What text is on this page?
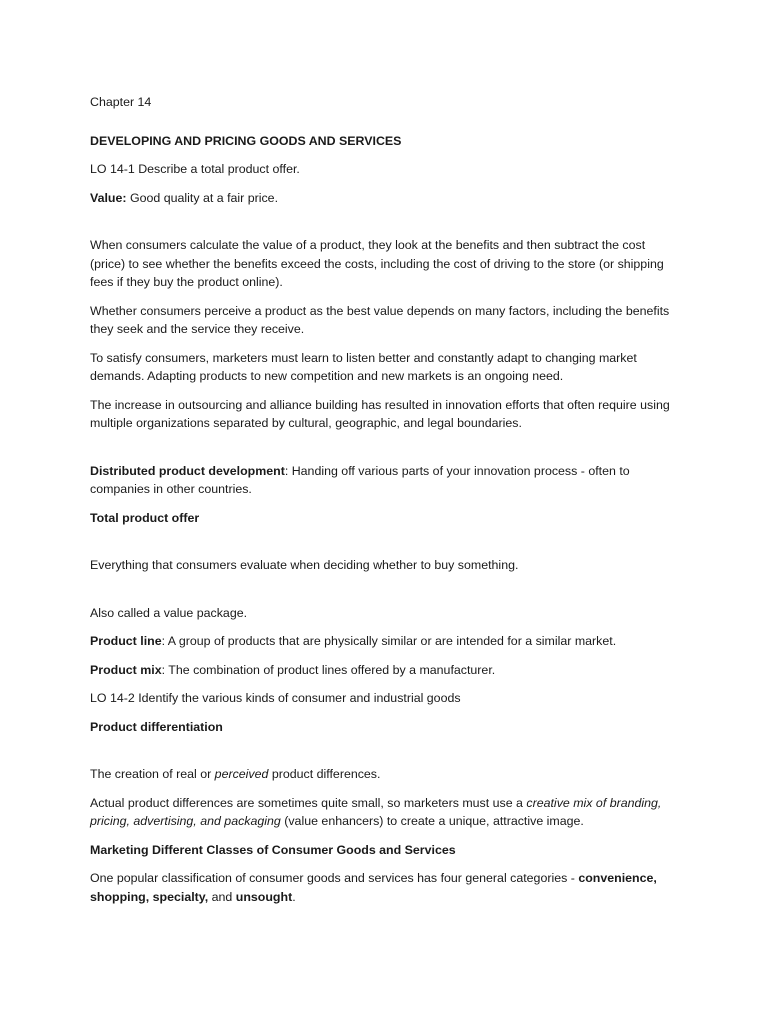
Chapter 14

DEVELOPING AND PRICING GOODS AND SERVICES

LO 14-1 Describe a total product offer.

Value: Good quality at a fair price.

When consumers calculate the value of a product, they look at the benefits and then subtract the cost (price) to see whether the benefits exceed the costs, including the cost of driving to the store (or shipping fees if they buy the product online).

Whether consumers perceive a product as the best value depends on many factors, including the benefits they seek and the service they receive.

To satisfy consumers, marketers must learn to listen better and constantly adapt to changing market demands. Adapting products to new competition and new markets is an ongoing need.

The increase in outsourcing and alliance building has resulted in innovation efforts that often require using multiple organizations separated by cultural, geographic, and legal boundaries.

Distributed product development: Handing off various parts of your innovation process - often to companies in other countries.

Total product offer

Everything that consumers evaluate when deciding whether to buy something.

Also called a value package.

Product line: A group of products that are physically similar or are intended for a similar market.

Product mix: The combination of product lines offered by a manufacturer.

LO 14-2 Identify the various kinds of consumer and industrial goods

Product differentiation

The creation of real or perceived product differences.

Actual product differences are sometimes quite small, so marketers must use a creative mix of branding, pricing, advertising, and packaging (value enhancers) to create a unique, attractive image.

Marketing Different Classes of Consumer Goods and Services

One popular classification of consumer goods and services has four general categories - convenience, shopping, specialty, and unsought.
